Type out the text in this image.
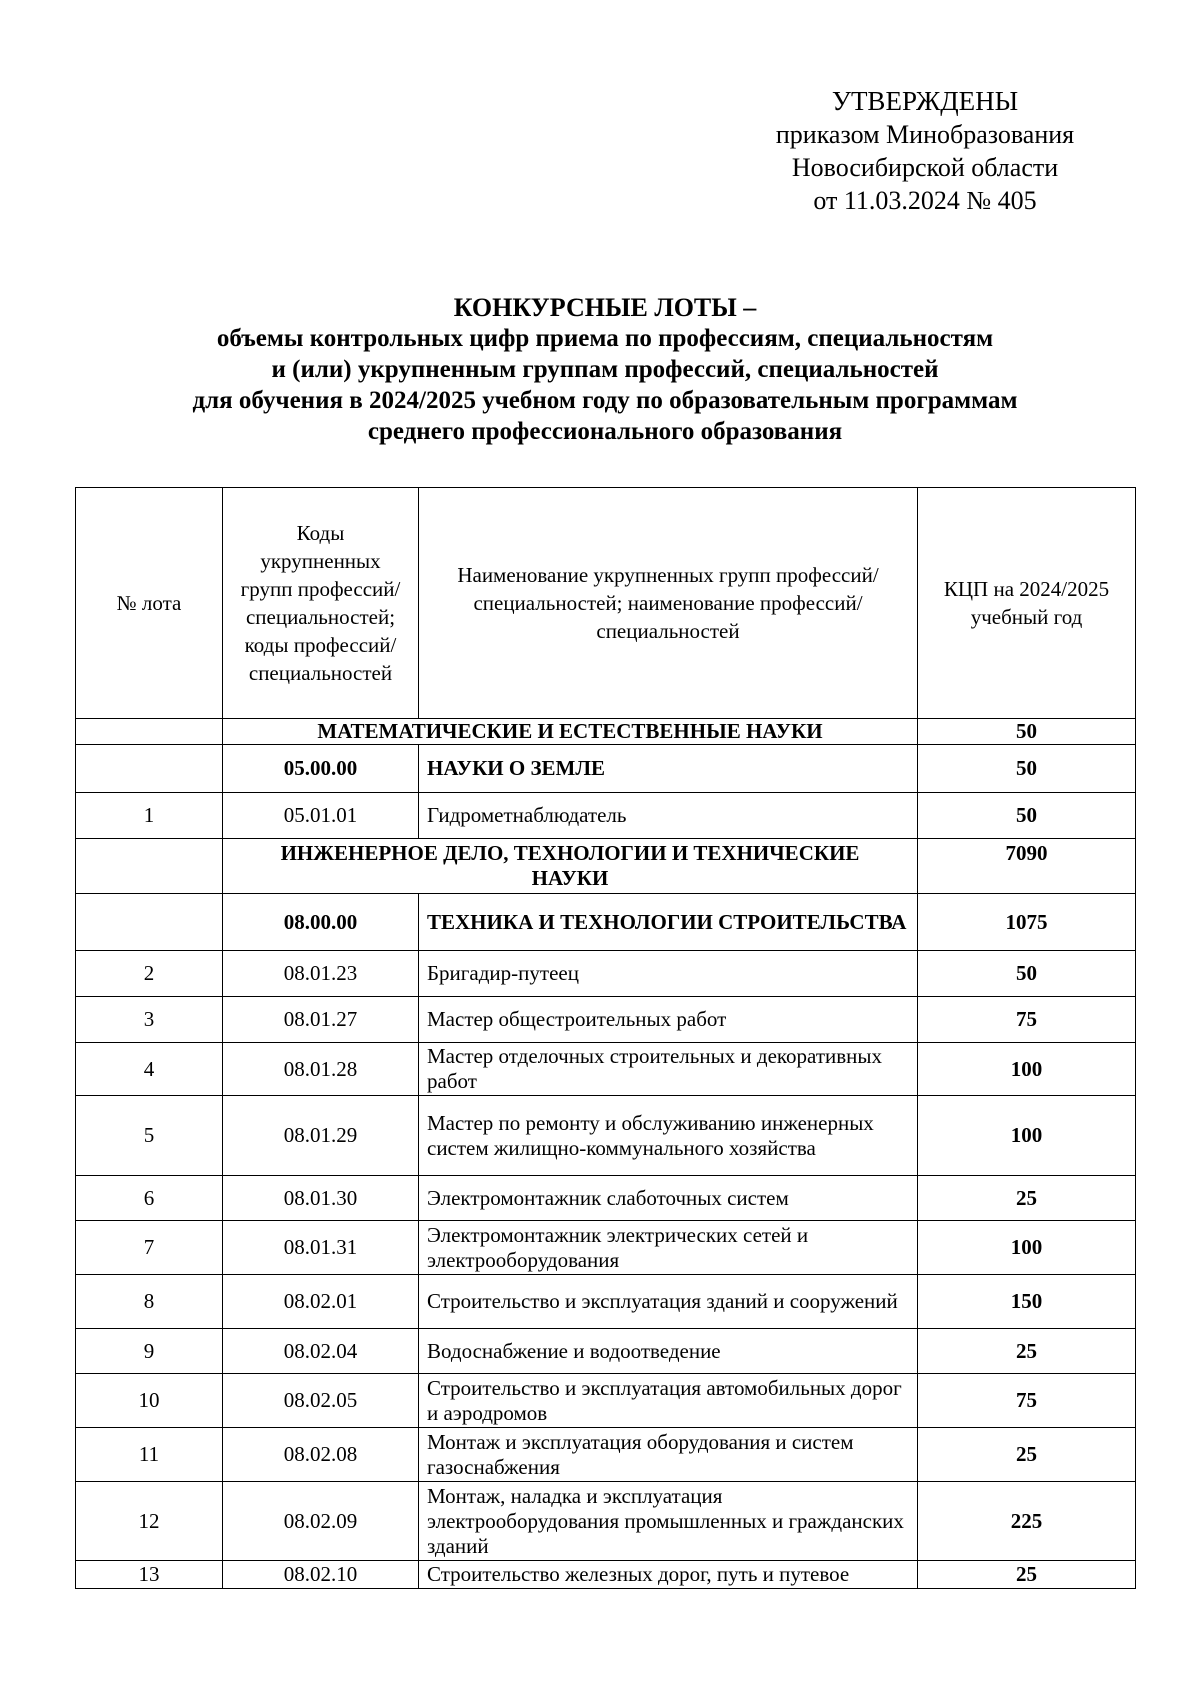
УТВЕРЖДЕНЫ
приказом Минобразования
Новосибирской области
от 11.03.2024 № 405
КОНКУРСНЫЕ ЛОТЫ –
объемы контрольных цифр приема по профессиям, специальностям
и (или) укрупненным группам профессий, специальностей
для обучения в 2024/2025 учебном году по образовательным программам
среднего профессионального образования
№ лота	Коды укрупненных групп профессий/ специальностей; коды профессий/ специальностей	Наименование укрупненных групп профессий/ специальностей; наименование профессий/ специальностей	КЦП на 2024/2025 учебный год
	МАТЕМАТИЧЕСКИЕ И ЕСТЕСТВЕННЫЕ НАУКИ		50
	05.00.00	НАУКИ О ЗЕМЛЕ	50
1	05.01.01	Гидрометнаблюдатель	50
	ИНЖЕНЕРНОЕ ДЕЛО, ТЕХНОЛОГИИ И ТЕХНИЧЕСКИЕ НАУКИ		7090
	08.00.00	ТЕХНИКА И ТЕХНОЛОГИИ СТРОИТЕЛЬСТВА	1075
2	08.01.23	Бригадир-путеец	50
3	08.01.27	Мастер общестроительных работ	75
4	08.01.28	Мастер отделочных строительных и декоративных работ	100
5	08.01.29	Мастер по ремонту и обслуживанию инженерных систем жилищно-коммунального хозяйства	100
6	08.01.30	Электромонтажник слаботочных систем	25
7	08.01.31	Электромонтажник электрических сетей и электрооборудования	100
8	08.02.01	Строительство и эксплуатация зданий и сооружений	150
9	08.02.04	Водоснабжение и водоотведение	25
10	08.02.05	Строительство и эксплуатация автомобильных дорог и аэродромов	75
11	08.02.08	Монтаж и эксплуатация оборудования и систем газоснабжения	25
12	08.02.09	Монтаж, наладка и эксплуатация электрооборудования промышленных и гражданских зданий	225
13	08.02.10	Строительство железных дорог, путь и путевое	25
